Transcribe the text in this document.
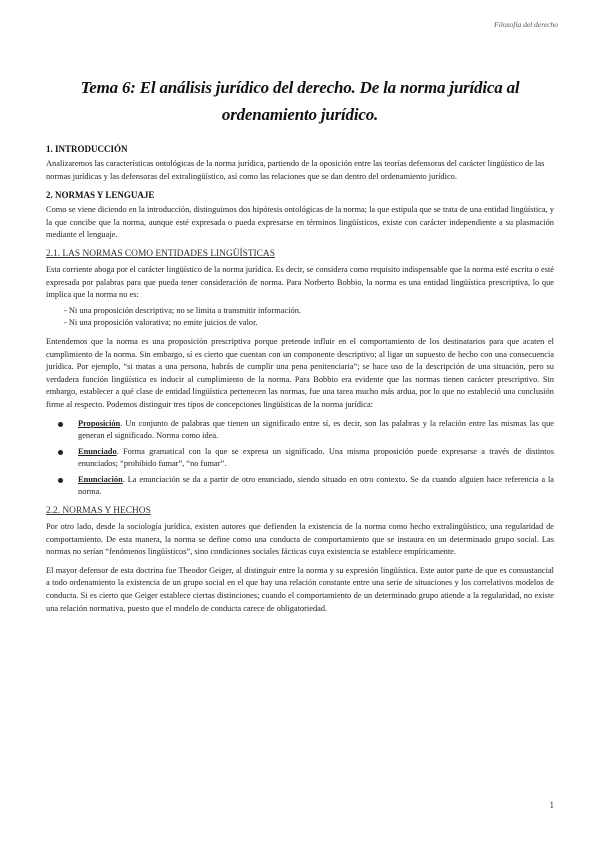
Filosofía del derecho
Tema 6: El análisis jurídico del derecho. De la norma jurídica al ordenamiento jurídico.
1. INTRODUCCIÓN

Analizaremos las características ontológicas de la norma jurídica, partiendo de la oposición entre las teorías defensoras del carácter lingüístico de las normas jurídicas y las defensoras del extralingüístico, así como las relaciones que se dan dentro del ordenamiento jurídico.

2. NORMAS Y LENGUAJE

Como se viene diciendo en la introducción, distinguimos dos hipótesis ontológicas de la norma; la que estipula que se trata de una entidad lingüística, y la que concibe que la norma, aunque esté expresada o pueda expresarse en términos lingüísticos, existe con carácter independiente a su plasmación mediante el lenguaje.

2.1. LAS NORMAS COMO ENTIDADES LINGÜÍSTICAS

Esta corriente aboga por el carácter lingüístico de la norma jurídica. Es decir, se considera como requisito indispensable que la norma esté escrita o esté expresada por palabras para que pueda tener consideración de norma. Para Norberto Bobbio, la norma es una entidad lingüística prescriptiva, lo que implica que la norma no es:

- Ni una proposición descriptiva; no se limita a transmitir información.
- Ni una proposición valorativa; no emite juicios de valor.

Entendemos que la norma es una proposición prescriptiva porque pretende influir en el comportamiento de los destinatarios para que acaten el cumplimiento de la norma. Sin embargo, sí es cierto que cuentan con un componente descriptivo; al ligar un supuesto de hecho con una consecuencia jurídica. Por ejemplo, “si matas a una persona, habrás de cumplir una pena penitenciaria”; se hace uso de la descripción de una situación, pero su verdadera función lingüística es inducir al cumplimiento de la norma. Para Bobbio era evidente que las normas tienen carácter prescriptivo. Sin embargo, establecer a qué clase de entidad lingüística pertenecen las normas, fue una tarea mucho más ardua, por lo que no estableció una conclusión firme al respecto. Podemos distinguir tres tipos de concepciones lingüísticas de la norma jurídica:

Proposición. Un conjunto de palabras que tienen un significado entre sí, es decir, son las palabras y la relación entre las mismas las que generan el significado. Norma como idea.
Enunciado. Forma gramatical con la que se expresa un significado. Una misma proposición puede expresarse a través de distintos enunciados; “prohibido fumar”, “no fumar”.
Enunciación. La enunciación se da a partir de otro enunciado, siendo situado en otro contexto. Se da cuando alguien hace referencia a la norma.
2.2. NORMAS Y HECHOS

Por otro lado, desde la sociología jurídica, existen autores que defienden la existencia de la norma como hecho extralingüístico, una regularidad de comportamiento. De esta manera, la norma se define como una conducta de comportamiento que se instaura en un determinado grupo social. Las normas no serían “fenómenos lingüísticos”, sino condiciones sociales fácticas cuya existencia se establece empíricamente.

El mayor defensor de esta doctrina fue Theodor Geiger, al distinguir entre la norma y su expresión lingüística. Este autor parte de que es consustancial a todo ordenamiento la existencia de un grupo social en el que hay una relación constante entre una serie de situaciones y los correlativos modelos de conducta. Si es cierto que Geiger establece ciertas distinciones; cuando el comportamiento de un determinado grupo atiende a la regularidad, no existe una relación normativa, puesto que el modelo de conducta carece de obligatoriedad.

1
